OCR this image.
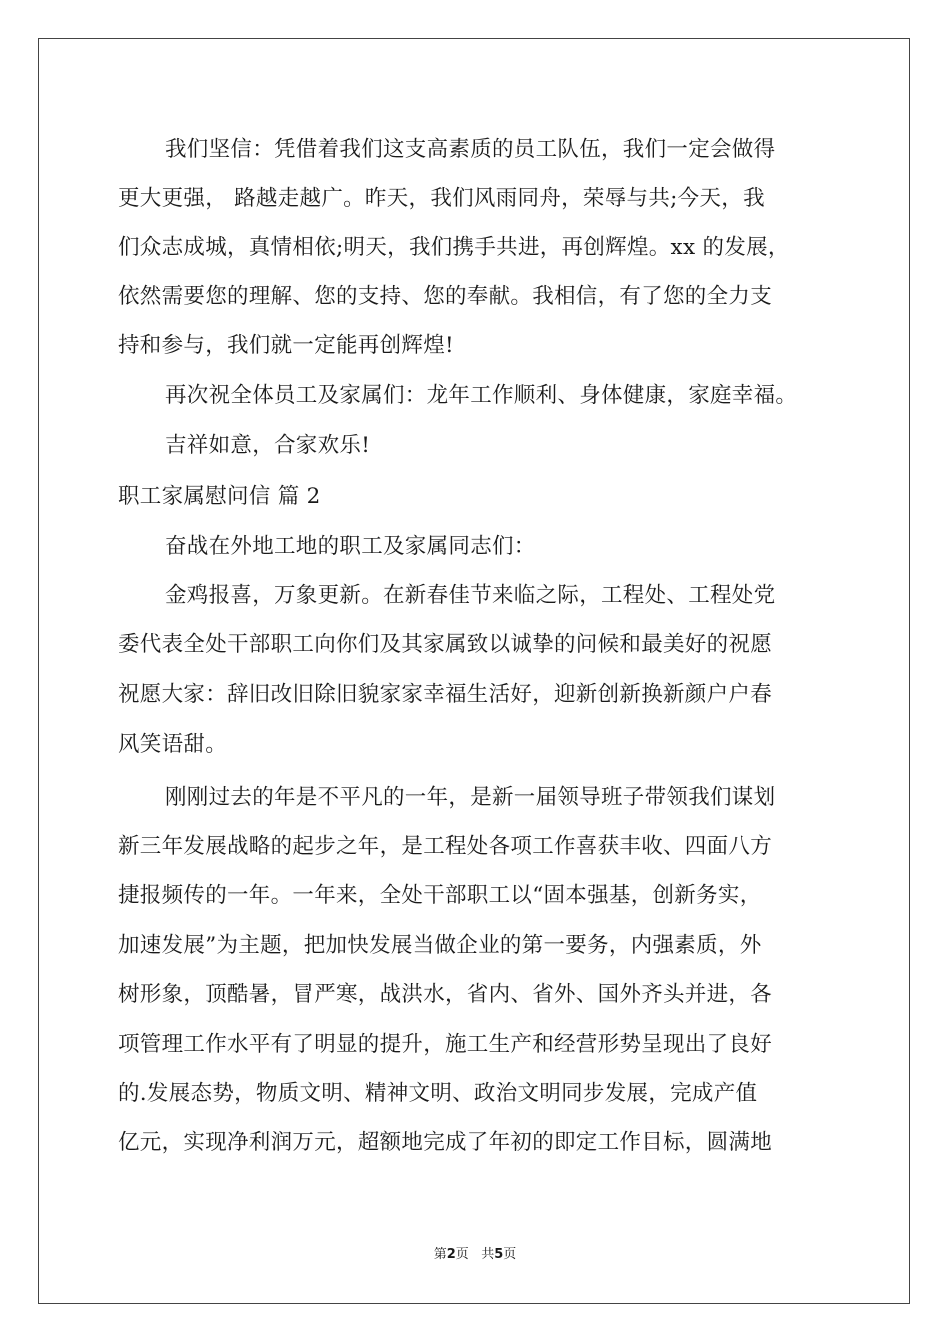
我们坚信：凭借着我们这支高素质的员工队伍，我们一定会做得
更大更强， 路越走越广。昨天，我们风雨同舟，荣辱与共;今天，我
们众志成城，真情相依;明天，我们携手共进，再创辉煌。xx 的发展，
依然需要您的理解、您的支持、您的奉献。我相信，有了您的全力支
持和参与，我们就一定能再创辉煌!
再次祝全体员工及家属们：龙年工作顺利、身体健康，家庭幸福。
吉祥如意，合家欢乐!
职工家属慰问信 篇 2
奋战在外地工地的职工及家属同志们：
金鸡报喜，万象更新。在新春佳节来临之际，工程处、工程处党
委代表全处干部职工向你们及其家属致以诚挚的问候和最美好的祝愿
祝愿大家：辞旧改旧除旧貌家家幸福生活好，迎新创新换新颜户户春
风笑语甜。
刚刚过去的年是不平凡的一年，是新一届领导班子带领我们谋划
新三年发展战略的起步之年，是工程处各项工作喜获丰收、四面八方
捷报频传的一年。一年来，全处干部职工以“固本强基，创新务实，
加速发展”为主题，把加快发展当做企业的第一要务，内强素质，外
树形象，顶酷暑，冒严寒，战洪水，省内、省外、国外齐头并进，各
项管理工作水平有了明显的提升，施工生产和经营形势呈现出了良好
的.发展态势，物质文明、精神文明、政治文明同步发展，完成产值
亿元，实现净利润万元，超额地完成了年初的即定工作目标，圆满地
第2页 共5页
